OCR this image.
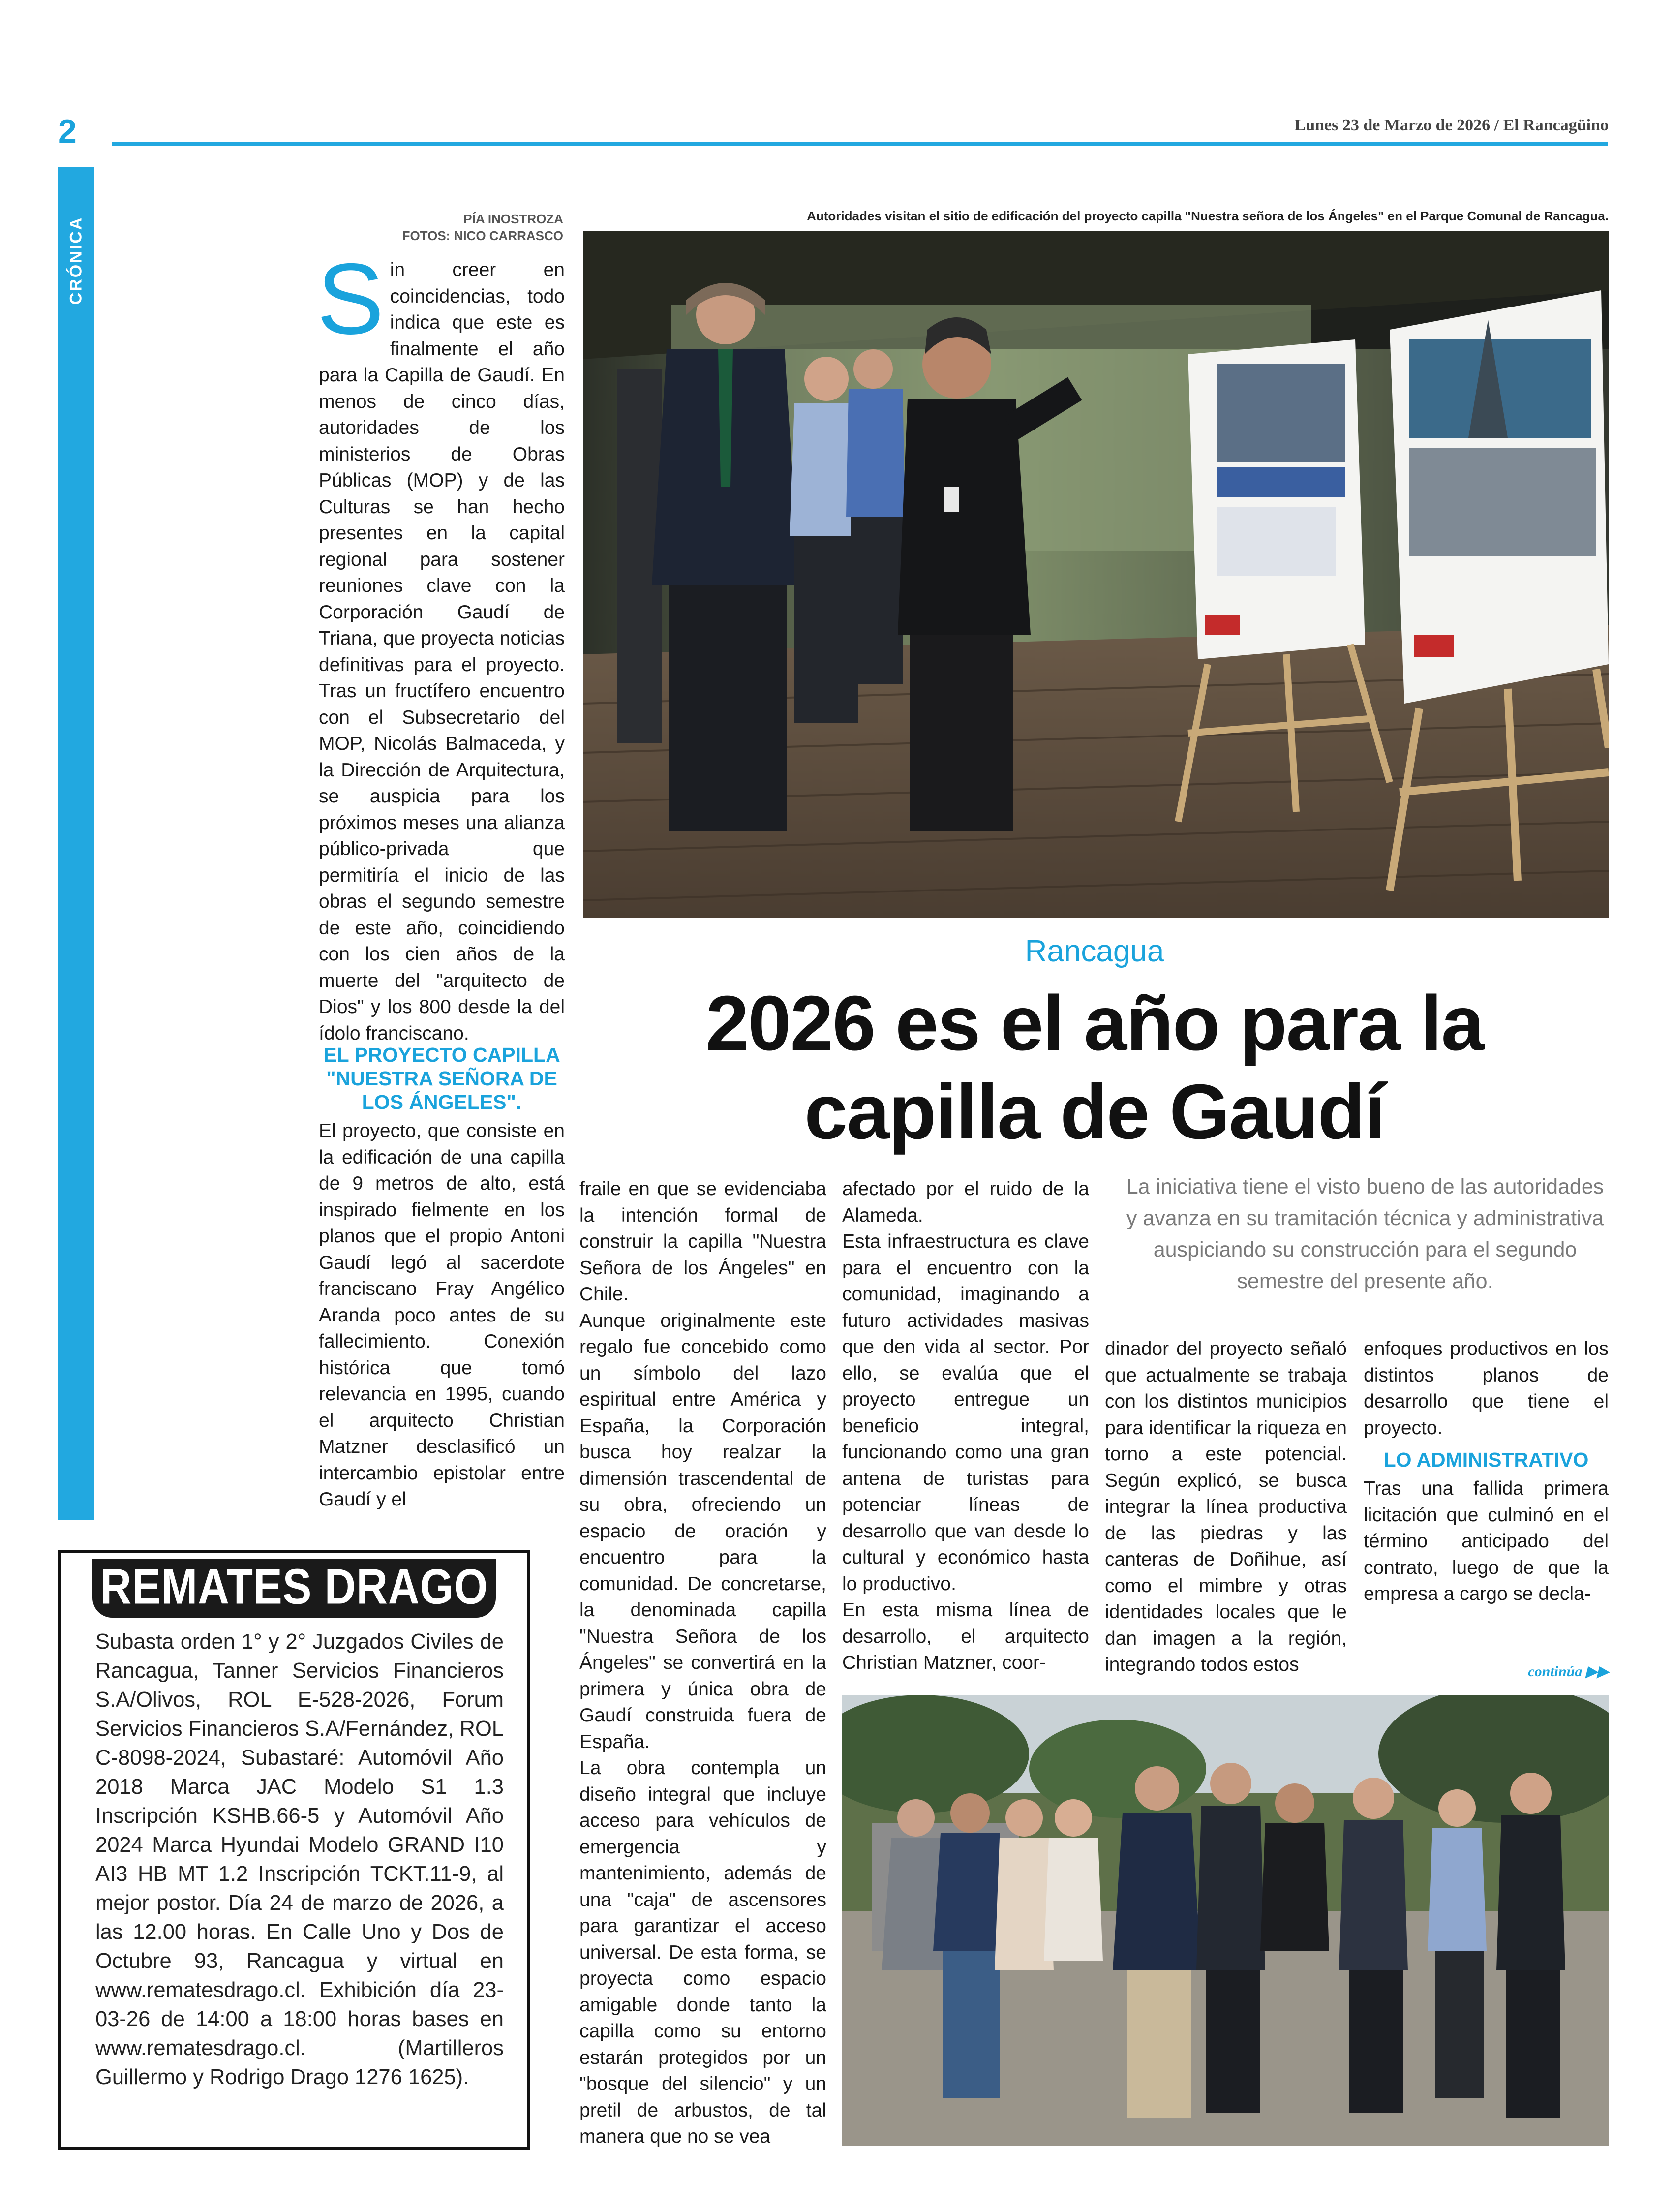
2
CRÓNICA
Lunes 23 de Marzo de 2026 / El Rancagüino
PÍA INOSTROZA
FOTOS: NICO CARRASCO
Autoridades visitan el sitio de edificación del proyecto capilla "Nuestra señora de los Ángeles" en el Parque Comunal de Rancagua.
Rancagua
2026 es el año para la
capilla de Gaudí
La iniciativa tiene el visto bueno de las autoridades y avanza en su tramitación técnica y administrativa auspiciando su construcción para el segundo semestre del presente año.
S in creer en coincidencias, todo indica que este es finalmente el año para la Capilla de Gaudí. En menos de cinco días, autoridades de los ministerios de Obras Públicas (MOP) y de las Culturas se han hecho presentes en la capital regional para sostener reuniones clave con la Corporación Gaudí de Triana, que proyecta noticias definitivas para el proyecto. Tras un fructífero encuentro con el Subsecretario del MOP, Nicolás Balmaceda, y la Dirección de Arquitectura, se auspicia para los próximos meses una alianza público-privada que permitiría el inicio de las obras el segundo semestre de este año, coincidiendo con los cien años de la muerte del "arquitecto de Dios" y los 800 desde la del ídolo franciscano.

EL PROYECTO CAPILLA "NUESTRA SEÑORA DE LOS ÁNGELES".

El proyecto, que consiste en la edificación de una capilla de 9 metros de alto, está inspirado fielmente en los planos que el propio Antoni Gaudí legó al sacerdote franciscano Fray Angélico Aranda poco antes de su fallecimiento. Conexión histórica que tomó relevancia en 1995, cuando el arquitecto Christian Matzner desclasificó un intercambio epistolar entre Gaudí y el

fraile en que se evidenciaba la intención formal de construir la capilla "Nuestra Señora de los Ángeles" en Chile.

Aunque originalmente este regalo fue concebido como un símbolo del lazo espiritual entre América y España, la Corporación busca hoy realzar la dimensión trascendental de su obra, ofreciendo un espacio de oración y encuentro para la comunidad. De concretarse, la denominada capilla "Nuestra Señora de los Ángeles" se convertirá en la primera y única obra de Gaudí construida fuera de España.

La obra contempla un diseño integral que incluye acceso para vehículos de emergencia y mantenimiento, además de una "caja" de ascensores para garantizar el acceso universal. De esta forma, se proyecta como espacio amigable donde tanto la capilla como su entorno estarán protegidos por un "bosque del silencio" y un pretil de arbustos, de tal manera que no se vea

afectado por el ruido de la Alameda.

Esta infraestructura es clave para el encuentro con la comunidad, imaginando a futuro actividades masivas que den vida al sector. Por ello, se evalúa que el proyecto entregue un beneficio integral, funcionando como una gran antena de turistas para potenciar líneas de desarrollo que van desde lo cultural y económico hasta lo productivo.

En esta misma línea de desarrollo, el arquitecto Christian Matzner, coor-

dinador del proyecto señaló que actualmente se trabaja con los distintos municipios para identificar la riqueza en torno a este potencial. Según explicó, se busca integrar la línea productiva de las piedras y las canteras de Doñihue, así como el mimbre y otras identidades locales que le dan imagen a la región, integrando todos estos

enfoques productivos en los distintos planos de desarrollo que tiene el proyecto.

LO ADMINISTRATIVO

Tras una fallida primera licitación que culminó en el término anticipado del contrato, luego de que la empresa a cargo se decla-

continúa ▶▶
REMATES DRAGO
Subasta orden 1° y 2° Juzgados Civiles de Rancagua, Tanner Servicios Financieros S.A/Olivos, ROL E-528-2026, Forum Servicios Financieros S.A/Fernández, ROL C-8098-2024, Subastaré: Automóvil Año 2018 Marca JAC Modelo S1 1.3 Inscripción KSHB.66-5 y Automóvil Año 2024 Marca Hyundai Modelo GRAND I10 AI3 HB MT 1.2 Inscripción TCKT.11-9, al mejor postor. Día 24 de marzo de 2026, a las 12.00 horas. En Calle Uno y Dos de Octubre 93, Rancagua y virtual en www.rematesdrago.cl. Exhibición día 23-03-26 de 14:00 a 18:00 horas bases en www.rematesdrago.cl. (Martilleros Guillermo y Rodrigo Drago 1276 1625).
